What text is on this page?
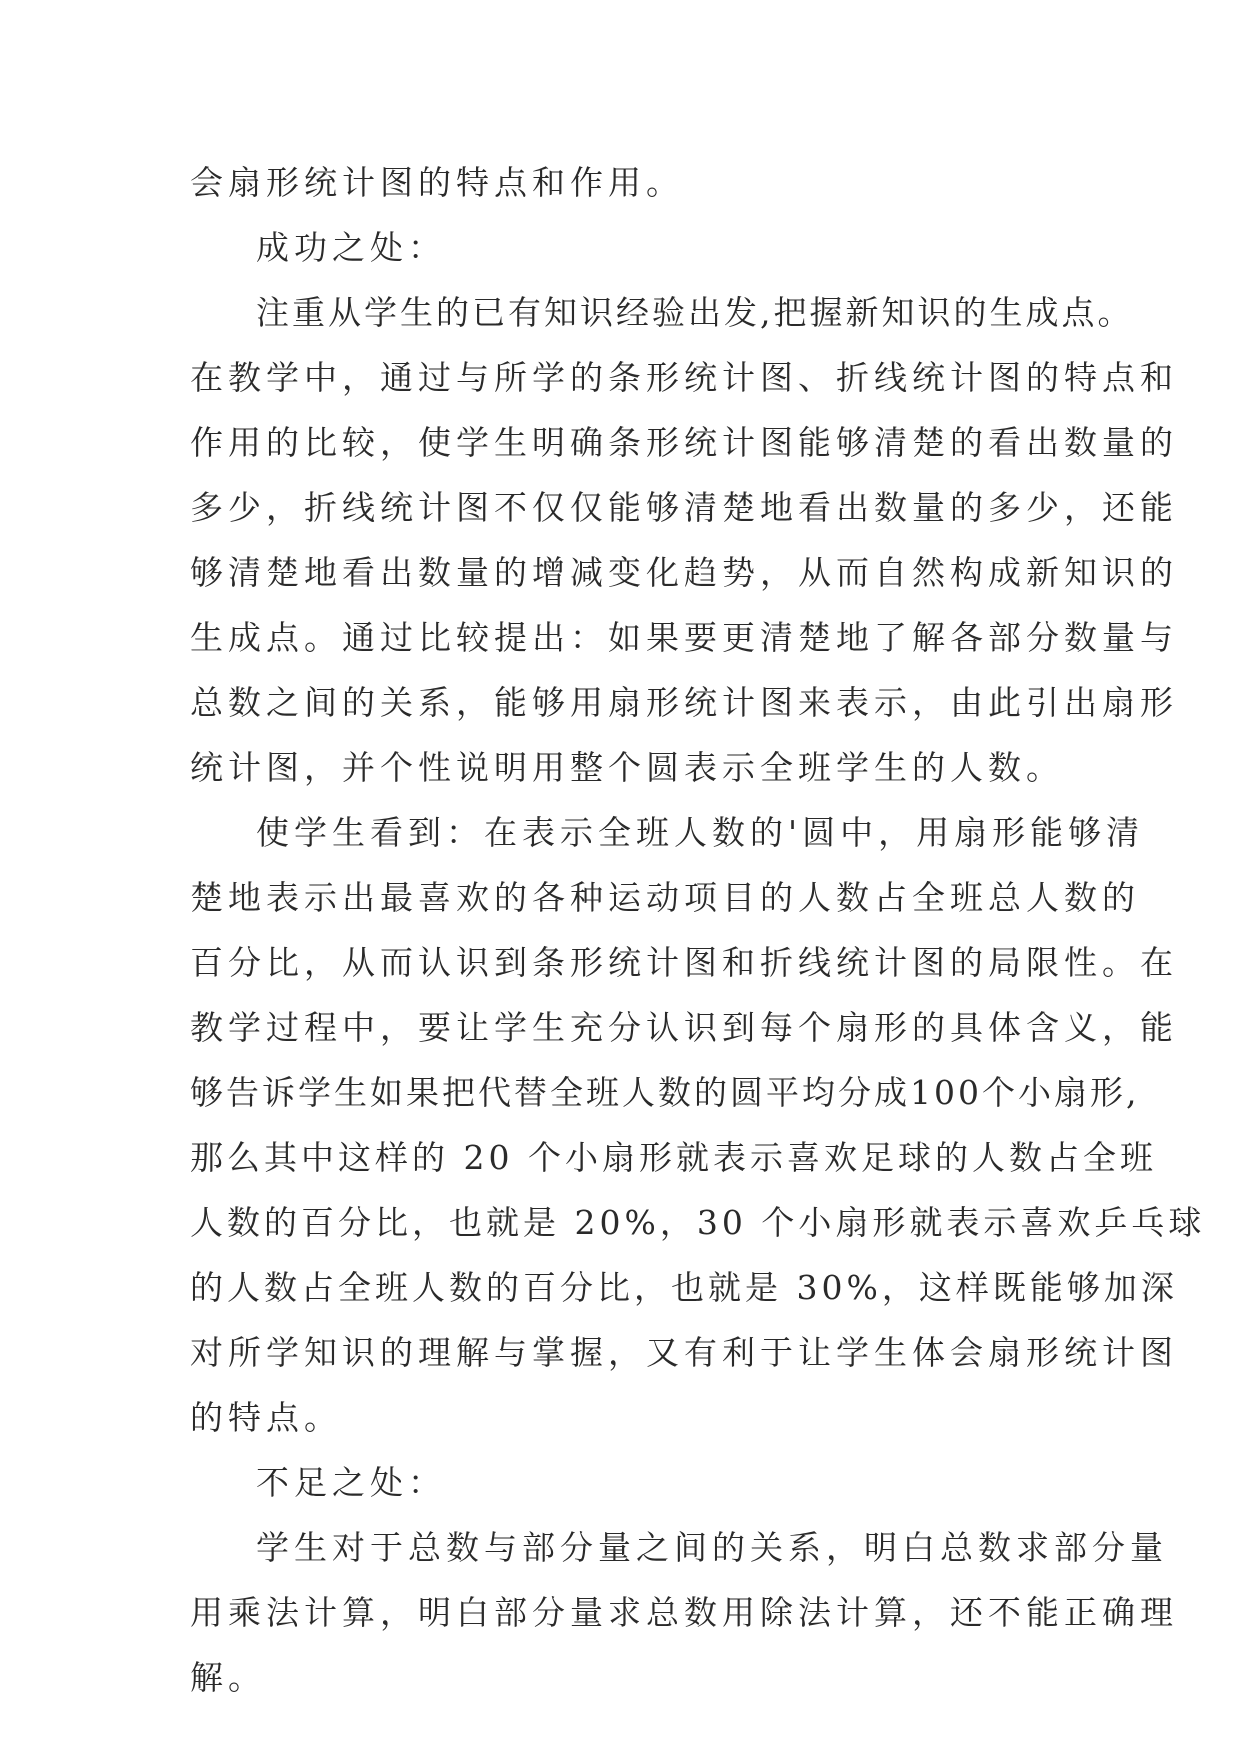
会扇形统计图的特点和作用。
成功之处：
注重从学生的已有知识经验出发,把握新知识的生成点。
在教学中，通过与所学的条形统计图、折线统计图的特点和
作用的比较，使学生明确条形统计图能够清楚的看出数量的
多少，折线统计图不仅仅能够清楚地看出数量的多少，还能
够清楚地看出数量的增减变化趋势，从而自然构成新知识的
生成点。通过比较提出：如果要更清楚地了解各部分数量与
总数之间的关系，能够用扇形统计图来表示，由此引出扇形
统计图，并个性说明用整个圆表示全班学生的人数。
使学生看到：在表示全班人数的'圆中，用扇形能够清
楚地表示出最喜欢的各种运动项目的人数占全班总人数的
百分比，从而认识到条形统计图和折线统计图的局限性。在
教学过程中，要让学生充分认识到每个扇形的具体含义，能
够告诉学生如果把代替全班人数的圆平均分成100个小扇形,
那么其中这样的 20 个小扇形就表示喜欢足球的人数占全班
人数的百分比，也就是 20%，30 个小扇形就表示喜欢乒乓球
的人数占全班人数的百分比，也就是 30%，这样既能够加深
对所学知识的理解与掌握，又有利于让学生体会扇形统计图
的特点。
不足之处：
学生对于总数与部分量之间的关系，明白总数求部分量
用乘法计算，明白部分量求总数用除法计算，还不能正确理
解。
